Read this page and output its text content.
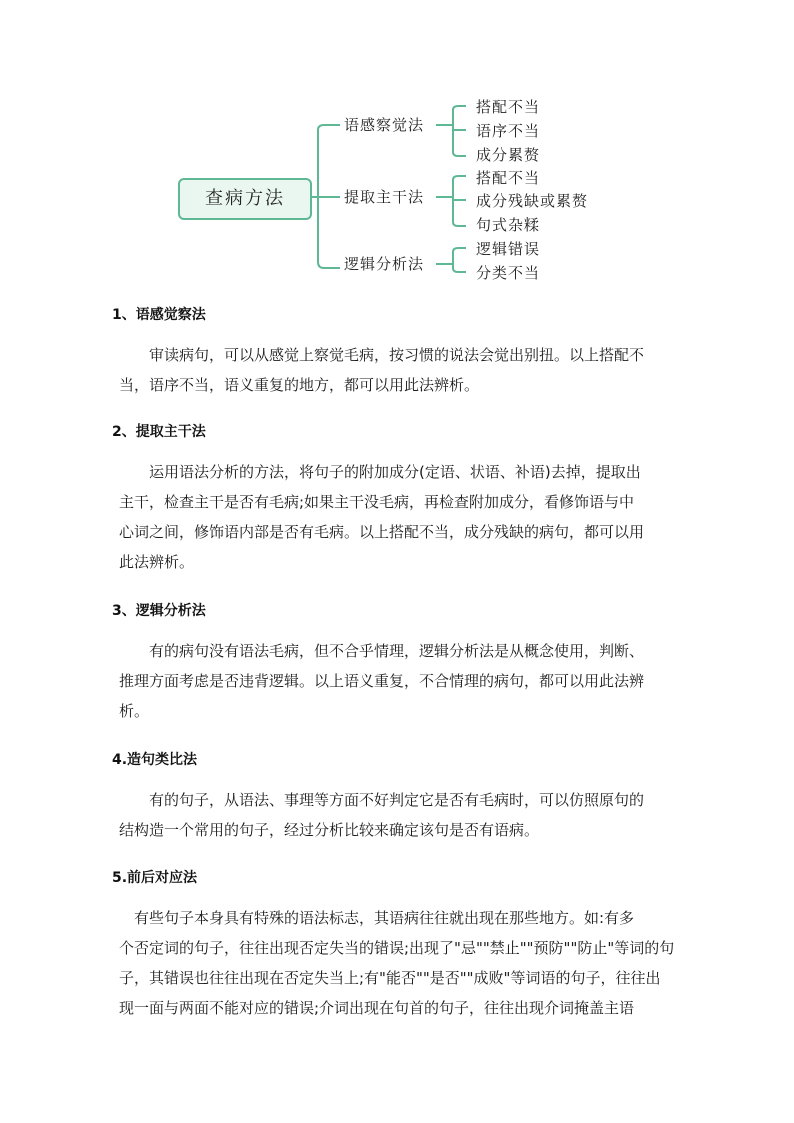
查病方法
语感察觉法
提取主干法
逻辑分析法
搭配不当
语序不当
成分累赘
搭配不当
成分残缺或累赘
句式杂糅
逻辑错误
分类不当
1、语感觉察法
　　审读病句，可以从感觉上察觉毛病，按习惯的说法会觉出别扭。以上搭配不
当，语序不当，语义重复的地方，都可以用此法辨析。
2、提取主干法
　　运用语法分析的方法，将句子的附加成分(定语、状语、补语)去掉，提取出
主干，检查主干是否有毛病;如果主干没毛病，再检查附加成分，看修饰语与中
心词之间，修饰语内部是否有毛病。以上搭配不当，成分残缺的病句，都可以用
此法辨析。
3、逻辑分析法
　　有的病句没有语法毛病，但不合乎情理，逻辑分析法是从概念使用，判断、
推理方面考虑是否违背逻辑。以上语义重复，不合情理的病句，都可以用此法辨
析。
4.造句类比法
　　有的句子，从语法、事理等方面不好判定它是否有毛病时，可以仿照原句的
结构造一个常用的句子，经过分析比较来确定该句是否有语病。
5.前后对应法
　有些句子本身具有特殊的语法标志，其语病往往就出现在那些地方。如:有多
个否定词的句子，往往出现否定失当的错误;出现了"忌""禁止""预防""防止"等词的句
子，其错误也往往出现在否定失当上;有"能否""是否""成败"等词语的句子，往往出
现一面与两面不能对应的错误;介词出现在句首的句子，往往出现介词掩盖主语
